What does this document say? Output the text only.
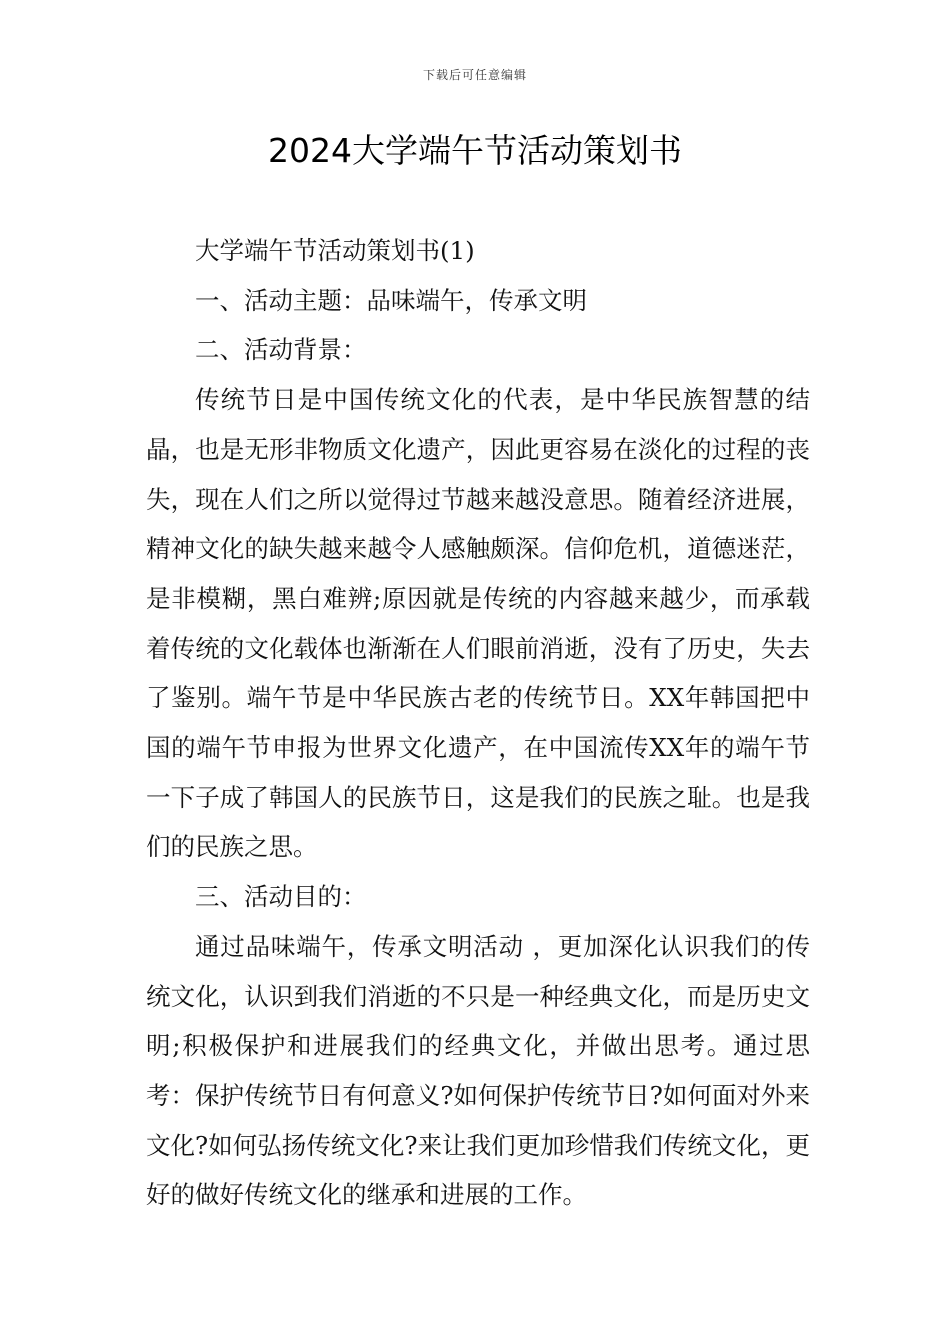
下载后可任意编辑
2024大学端午节活动策划书

大学端午节活动策划书(1)

一、活动主题：品味端午，传承文明

二、活动背景：

传统节日是中国传统文化的代表，是中华民族智慧的结晶，也是无形非物质文化遗产，因此更容易在淡化的过程的丧失，现在人们之所以觉得过节越来越没意思。随着经济进展，精神文化的缺失越来越令人感触颇深。信仰危机，道德迷茫，是非模糊，黑白难辨;原因就是传统的内容越来越少，而承载着传统的文化载体也渐渐在人们眼前消逝，没有了历史，失去了鉴别。端午节是中华民族古老的传统节日。XX年韩国把中国的端午节申报为世界文化遗产，在中国流传XX年的端午节一下子成了韩国人的民族节日，这是我们的民族之耻。也是我们的民族之思。

三、活动目的：

通过品味端午，传承文明活动 ，更加深化认识我们的传统文化，认识到我们消逝的不只是一种经典文化，而是历史文明;积极保护和进展我们的经典文化，并做出思考。通过思考：保护传统节日有何意义?如何保护传统节日?如何面对外来文化?如何弘扬传统文化?来让我们更加珍惜我们传统文化，更好的做好传统文化的继承和进展的工作。
